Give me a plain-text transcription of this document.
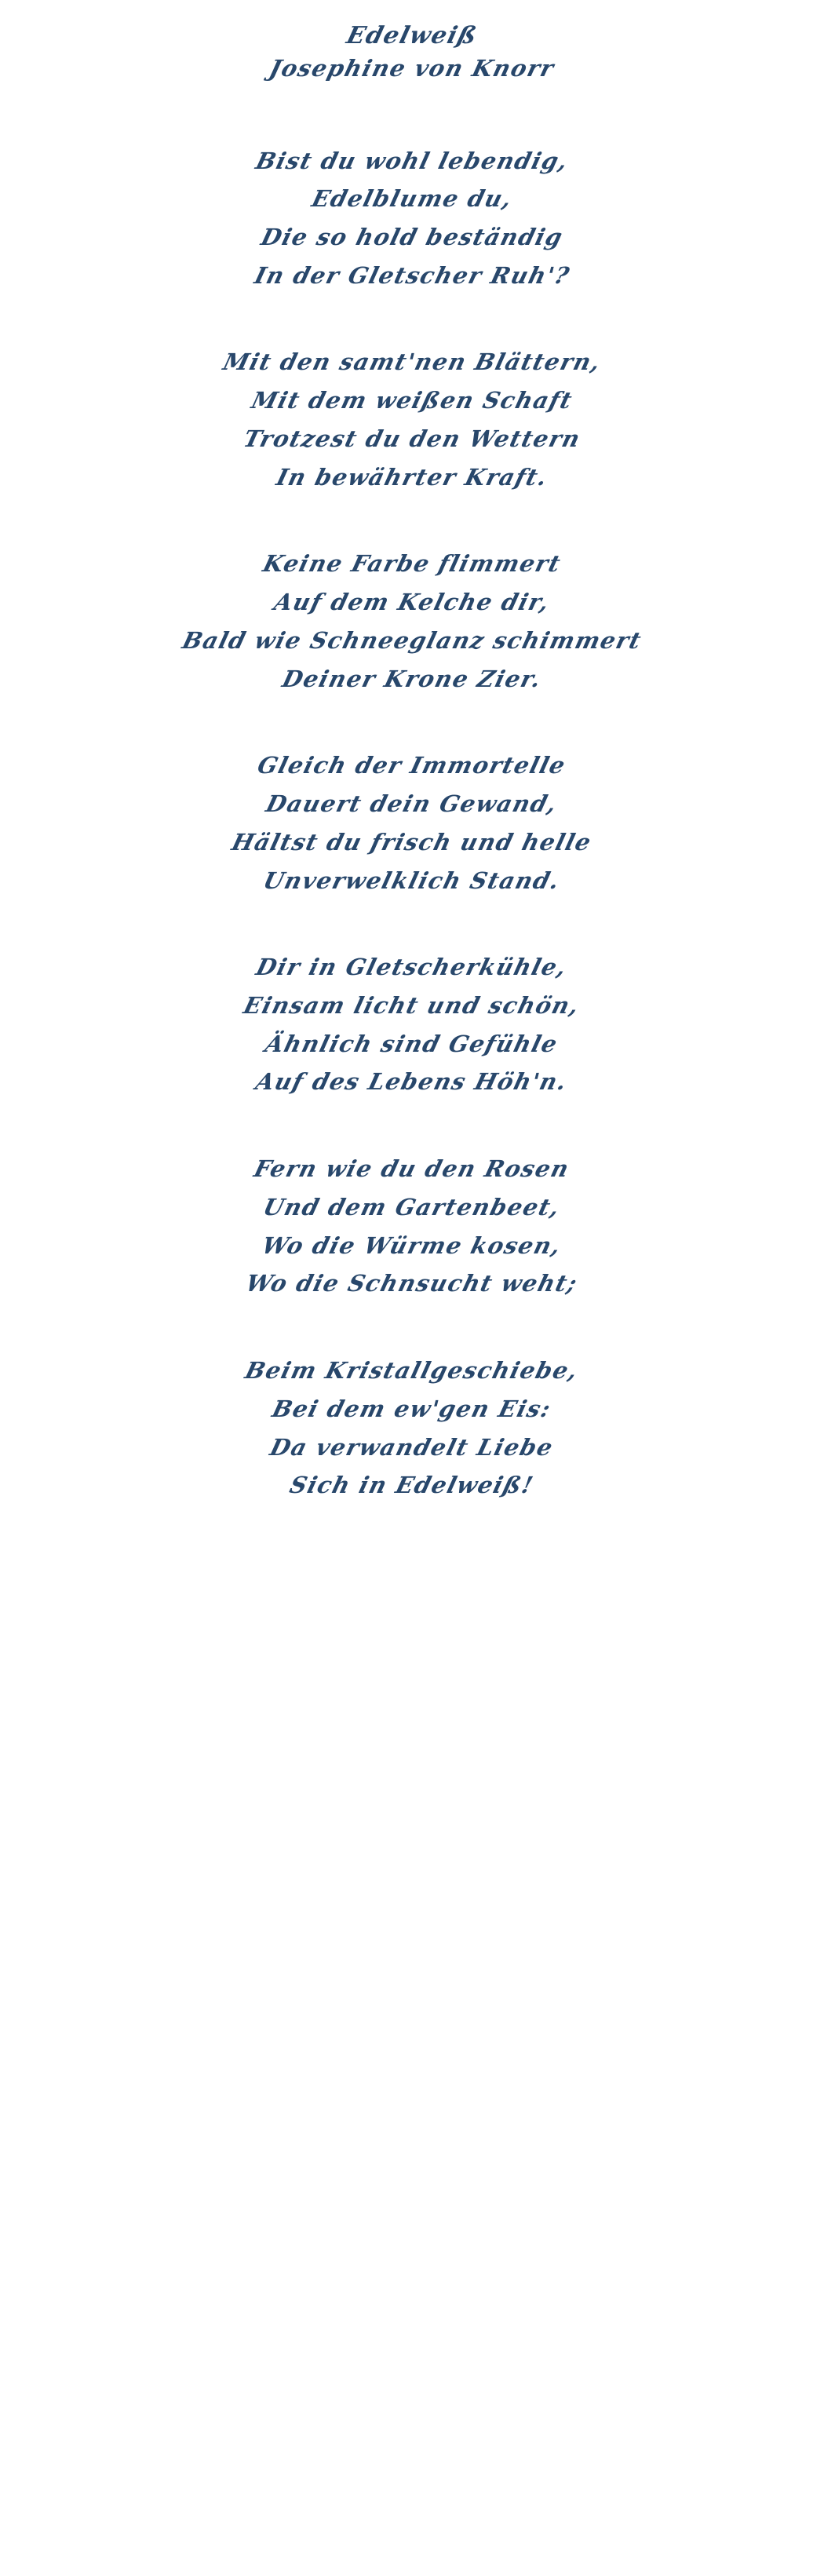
Edelweiß
Josephine von Knorr
Bist du wohl lebendig,
Edelblume du,
Die so hold beständig
In der Gletscher Ruh'?
Mit den samt'nen Blättern,
Mit dem weißen Schaft
Trotzest du den Wettern
In bewährter Kraft.
Keine Farbe flimmert
Auf dem Kelche dir,
Bald wie Schneeglanz schimmert
Deiner Krone Zier.
Gleich der Immortelle
Dauert dein Gewand,
Hältst du frisch und helle
Unverwelklich Stand.
Dir in Gletscherkühle,
Einsam licht und schön,
Ähnlich sind Gefühle
Auf des Lebens Höh'n.
Fern wie du den Rosen
Und dem Gartenbeet,
Wo die Würme kosen,
Wo die Schnsucht weht;
Beim Kristallgeschiebe,
Bei dem ew'gen Eis:
Da verwandelt Liebe
Sich in Edelweiß!
